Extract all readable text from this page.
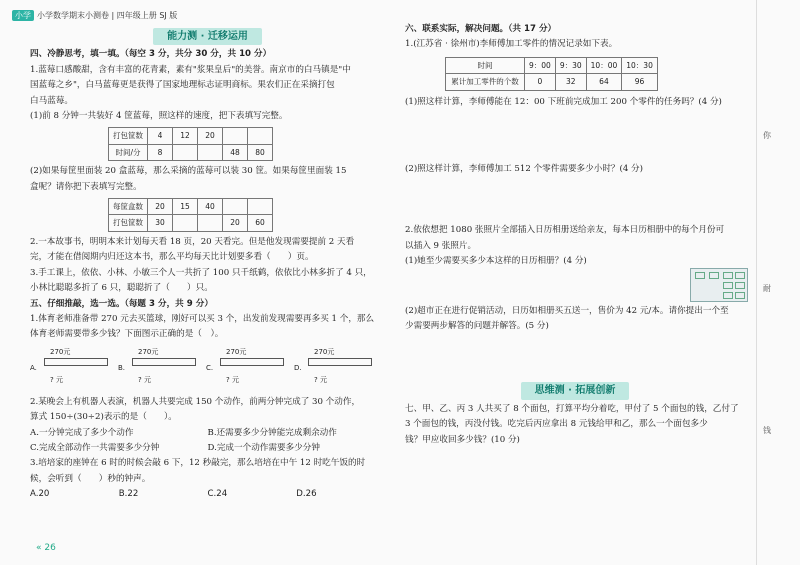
小学 小学数学期末小测卷 | 四年级上册 SJ 版
能力测 · 迁移运用

四、冷静思考，填一填。（每空 3 分，共分 30 分，共 10 分）

1.蓝莓口感酸甜，含有丰富的花青素，素有"浆果皇后"的美誉。南京市的白马镇是"中

国蓝莓之乡"，白马蓝莓更是获得了国家地理标志证明商标。果农们正在采摘打包

白马蓝莓。

(1)前 8 分钟一共装好 4 筐蓝莓，照这样的速度，把下表填写完整。

打包筐数	4	12	20		
时间/分	8			48	80

(2)如果每筐里面装 20 盒蓝莓，那么采摘的蓝莓可以装 30 筐。如果每筐里面装 15

盒呢？请你把下表填写完整。

每筐盒数	20	15	40		
打包筐数	30			20	60

2.一本故事书，明明本来计划每天看 18 页，20 天看完。但是他发现需要提前 2 天看

完，才能在借阅期内归还这本书，那么平均每天比计划要多看（　　）页。

3.手工课上，依依、小林、小敏三个人一共折了 100 只千纸鹤，依依比小林多折了 4 只，

小林比聪聪多折了 6 只，聪聪折了（　　）只。

五、仔细推敲，选一选。（每题 3 分，共 9 分）

1.体育老师准备带 270 元去买篮球，刚好可以买 3 个，出发前发现需要再多买 1 个，那么

体育老师需要带多少钱？下面图示正确的是（　）。

270元
A.
? 元
270元
B.
? 元
270元
C.
? 元
270元
D.
? 元

2.某晚会上有机器人表演，机器人共要完成 150 个动作，前两分钟完成了 30 个动作，

算式 150÷(30÷2)表示的是（　　）。

A.一分钟完成了多少个动作	B.还需要多少分钟能完成剩余动作
C.完成全部动作一共需要多少分钟	D.完成一个动作需要多少分钟

3.培培家的座钟在 6 时的时候会敲 6 下，12 秒敲完，那么培培在中午 12 时吃午饭的时

候，会听到（　　）秒的钟声。

A.20	B.22	C.24	D.26

六、联系实际，解决问题。（共 17 分）

1.(江苏省 · 徐州市)李师傅加工零件的情况记录如下表。

时间	9：00	9：30	10：00	10：30
累计加工零件的个数	0	32	64	96

(1)照这样计算，李师傅能在 12：00 下班前完成加工 200 个零件的任务吗？(4 分)

(2)照这样计算，李师傅加工 512 个零件需要多少小时？(4 分)

2.依依想把 1080 张照片全部插入日历相册送给亲友，每本日历相册中的每个月份可

以插入 9 张照片。

(1)她至少需要买多少本这样的日历相册？(4 分)

(2)超市正在进行促销活动，日历如相册买五送一，售价为 42 元/本。请你提出一个至

少需要两步解答的问题并解答。(5 分)

思维测 · 拓展创新

七、甲、乙、丙 3 人共买了 8 个面包，打算平均分着吃，甲付了 5 个面包的钱，乙付了

3 个面包的钱，丙没付钱。吃完后丙应拿出 8 元钱给甲和乙，那么一个面包多少

钱？甲应收回多少钱？(10 分)

你
耐
钱
« 26
